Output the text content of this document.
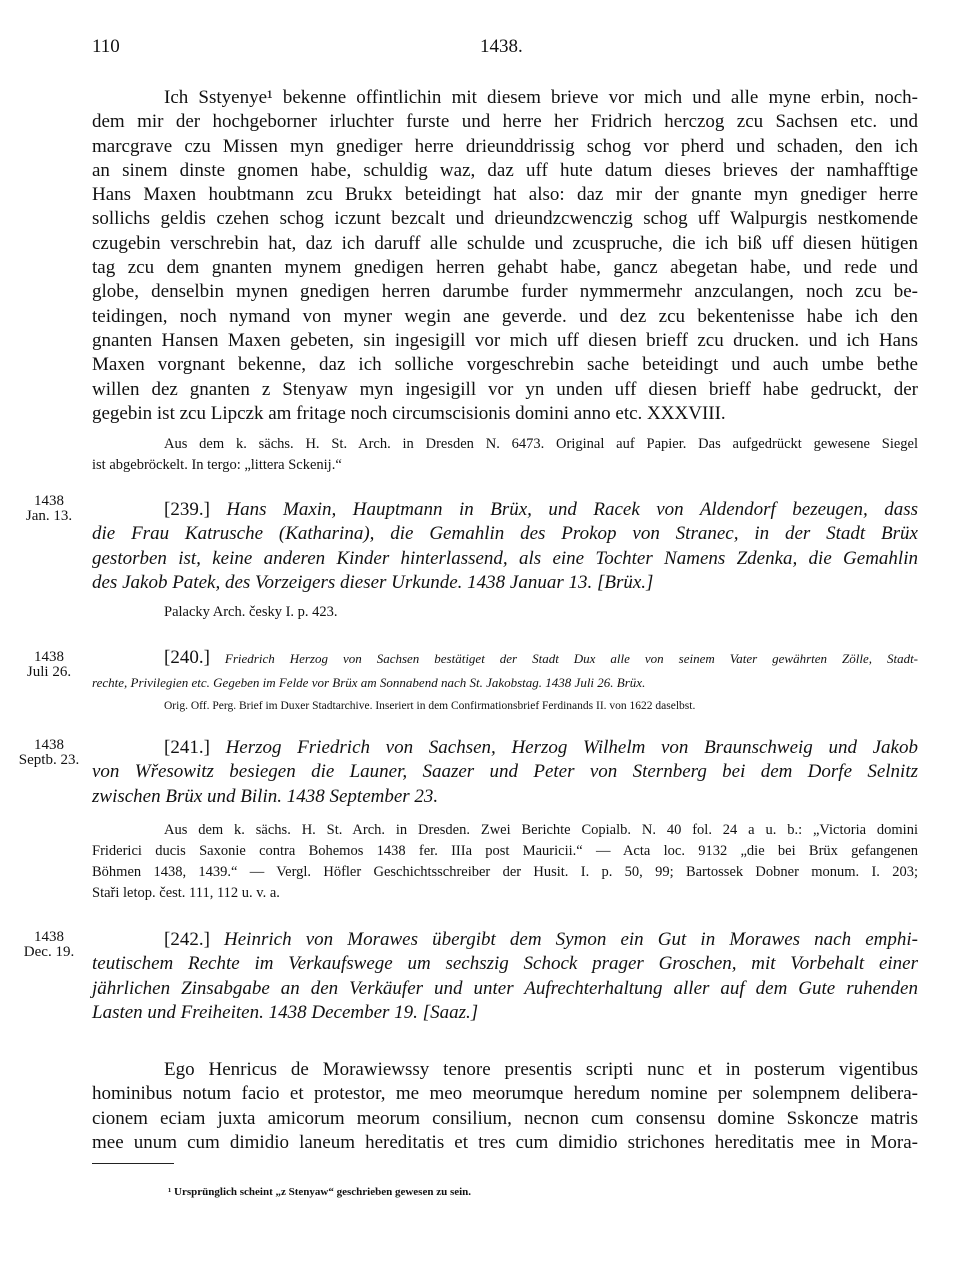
110	1438.
Ich Sstyenye¹ bekenne offintlichin mit diesem brieve vor mich und alle myne erbin, noch-
dem mir der hochgeborner irluchter furste und herre her Fridrich herczog zcu Sachsen etc. und
marcgrave czu Missen myn gnediger herre drieunddrissig schog vor pherd und schaden, den ich
an sinem dinste gnomen habe, schuldig waz, daz uff hute datum dieses brieves der namhafftige
Hans Maxen houbtmann zcu Brukx beteidingt hat also: daz mir der gnante myn gnediger herre
sollichs geldis czehen schog iczunt bezcalt und drieundzcwenczig schog uff Walpurgis nestkomende
czugebin verschrebin hat, daz ich daruff alle schulde und zcuspruche, die ich biß uff diesen hütigen
tag zcu dem gnanten mynem gnedigen herren gehabt habe, gancz abegetan habe, und rede und
globe, denselbin mynen gnedigen herren darumbe furder nymmermehr anzculangen, noch zcu be-
teidingen, noch nymand von myner wegin ane geverde. und dez zcu bekentenisse habe ich den
gnanten Hansen Maxen gebeten, sin ingesigill vor mich uff diesen brieff zcu drucken. und ich Hans
Maxen vorgnant bekenne, daz ich solliche vorgeschrebin sache beteidingt und auch umbe bethe
willen dez gnanten z Stenyaw myn ingesigill vor yn unden uff diesen brieff habe gedruckt, der
gegebin ist zcu Lipczk am fritage noch circumscisionis domini anno etc. XXXVIII.
Aus dem k. sächs. H. St. Arch. in Dresden N. 6473. Original auf Papier. Das aufgedrückt gewesene Siegel
ist abgebröckelt. In tergo: „littera Sckenij.“
1438
Jan. 13.	[239.] Hans Maxin, Hauptmann in Brüx, und Racek von Aldendorf bezeugen, dass
die Frau Katrusche (Katharina), die Gemahlin des Prokop von Stranec, in der Stadt Brüx
gestorben ist, keine anderen Kinder hinterlassend, als eine Tochter Namens Zdenka, die Gemahlin
des Jakob Patek, des Vorzeigers dieser Urkunde. 1438 Januar 13. [Brüx.]
Palacky Arch. česky I. p. 423.
1438
Juli 26.
[240.] Friedrich Herzog von Sachsen bestätiget der Stadt Dux alle von seinem Vater gewährten Zölle, Stadt-
rechte, Privilegien etc. Gegeben im Felde vor Brüx am Sonnabend nach St. Jakobstag. 1438 Juli 26. Brüx.
Orig. Off. Perg. Brief im Duxer Stadtarchive. Inseriert in dem Confirmationsbrief Ferdinands II. von 1622 daselbst.
1438
Septb. 23.
[241.] Herzog Friedrich von Sachsen, Herzog Wilhelm von Braunschweig und Jakob
von Wřesowitz besiegen die Launer, Saazer und Peter von Sternberg bei dem Dorfe Selnitz
zwischen Brüx und Bilin. 1438 September 23.
Aus dem k. sächs. H. St. Arch. in Dresden. Zwei Berichte Copialb. N. 40 fol. 24 a u. b.: „Victoria domini
Friderici ducis Saxonie contra Bohemos 1438 fer. IIIa post Mauricii.“ — Acta loc. 9132 „die bei Brüx gefangenen
Böhmen 1438, 1439.“ — Vergl. Höfler Geschichtsschreiber der Husit. I. p. 50, 99; Bartossek Dobner monum. I. 203;
Staři letop. čest. 111, 112 u. v. a.
1438
Dec. 19.
[242.] Heinrich von Morawes übergibt dem Symon ein Gut in Morawes nach emphi-
teutischem Rechte im Verkaufswege um sechszig Schock prager Groschen, mit Vorbehalt einer
jährlichen Zinsabgabe an den Verkäufer und unter Aufrechterhaltung aller auf dem Gute ruhenden
Lasten und Freiheiten. 1438 December 19. [Saaz.]
Ego Henricus de Morawiewssy tenore presentis scripti nunc et in posterum vigentibus
hominibus notum facio et protestor, me meo meorumque heredum nomine per solempnem delibera-
cionem eciam juxta amicorum meorum consilium, necnon cum consensu domine Sskoncze matris
mee unum cum dimidio laneum hereditatis et tres cum dimidio strichones hereditatis mee in Mora-
¹ Ursprünglich scheint „z Stenyaw“ geschrieben gewesen zu sein.
